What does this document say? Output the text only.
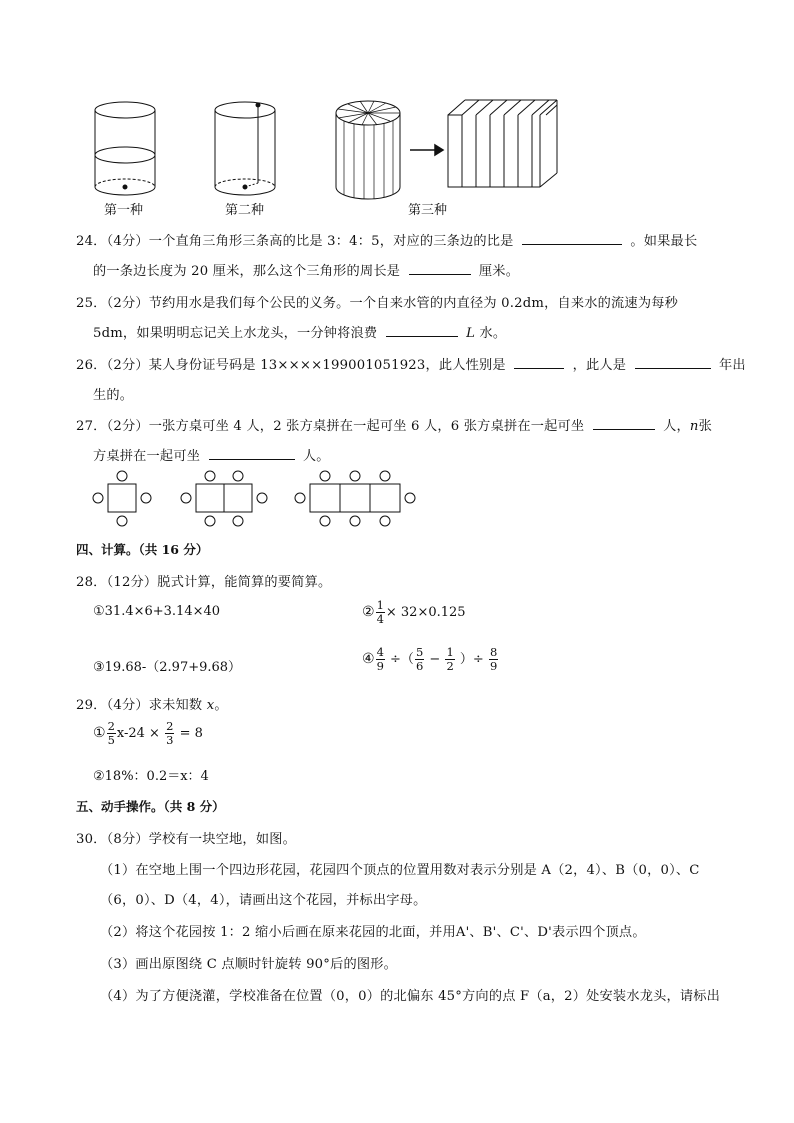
第一种	第二种	第三种
24．（4分）一个直角三角形三条高的比是 3：4：5，对应的三条边的比是	。如果最长
的一条边长度为 20 厘米，那么这个三角形的周长是	厘米。
25．（2分）节约用水是我们每个公民的义务。一个自来水管的内直径为 0.2dm，自来水的流速为每秒
5dm，如果明明忘记关上水龙头，一分钟将浪费	L 水。
26．（2分）某人身份证号码是 13××××199001051923，此人性别是	，此人是	年出
生的。
27．（2分）一张方桌可坐 4 人，2 张方桌拼在一起可坐 6 人，6 张方桌拼在一起可坐	人，n张
方桌拼在一起可坐	人。
四、计算。（共 16 分）
28．（12分）脱式计算，能简算的要简算。
①31.4×6+3.14×40	② $\frac{1}{4} \times 32\times 0.125$
③19.68-（2.97+9.68）
④ $\frac{4}{9}$ ÷（ $\frac{5}{6} - \frac{1}{2}$ ）÷ $\frac{8}{9}$
29．（4分）求未知数 x。
① $\frac{2}{5} x-24 \times \frac{2}{3} = 8$
②18%：0.2＝x：4
五、动手操作。（共 8 分）
30．（8分）学校有一块空地，如图。
（1）在空地上围一个四边形花园，花园四个顶点的位置用数对表示分别是 A（2，4）、B（0，0）、C
（6，0）、D（4，4），请画出这个花园，并标出字母。
（2）将这个花园按 1：2 缩小后画在原来花园的北面，并用A'、B'、C'、D'表示四个顶点。
（3）画出原图绕 C 点顺时针旋转 90°后的图形。
（4）为了方便浇灌，学校准备在位置（0，0）的北偏东 45°方向的点 F（a，2）处安装水龙头，请标出
